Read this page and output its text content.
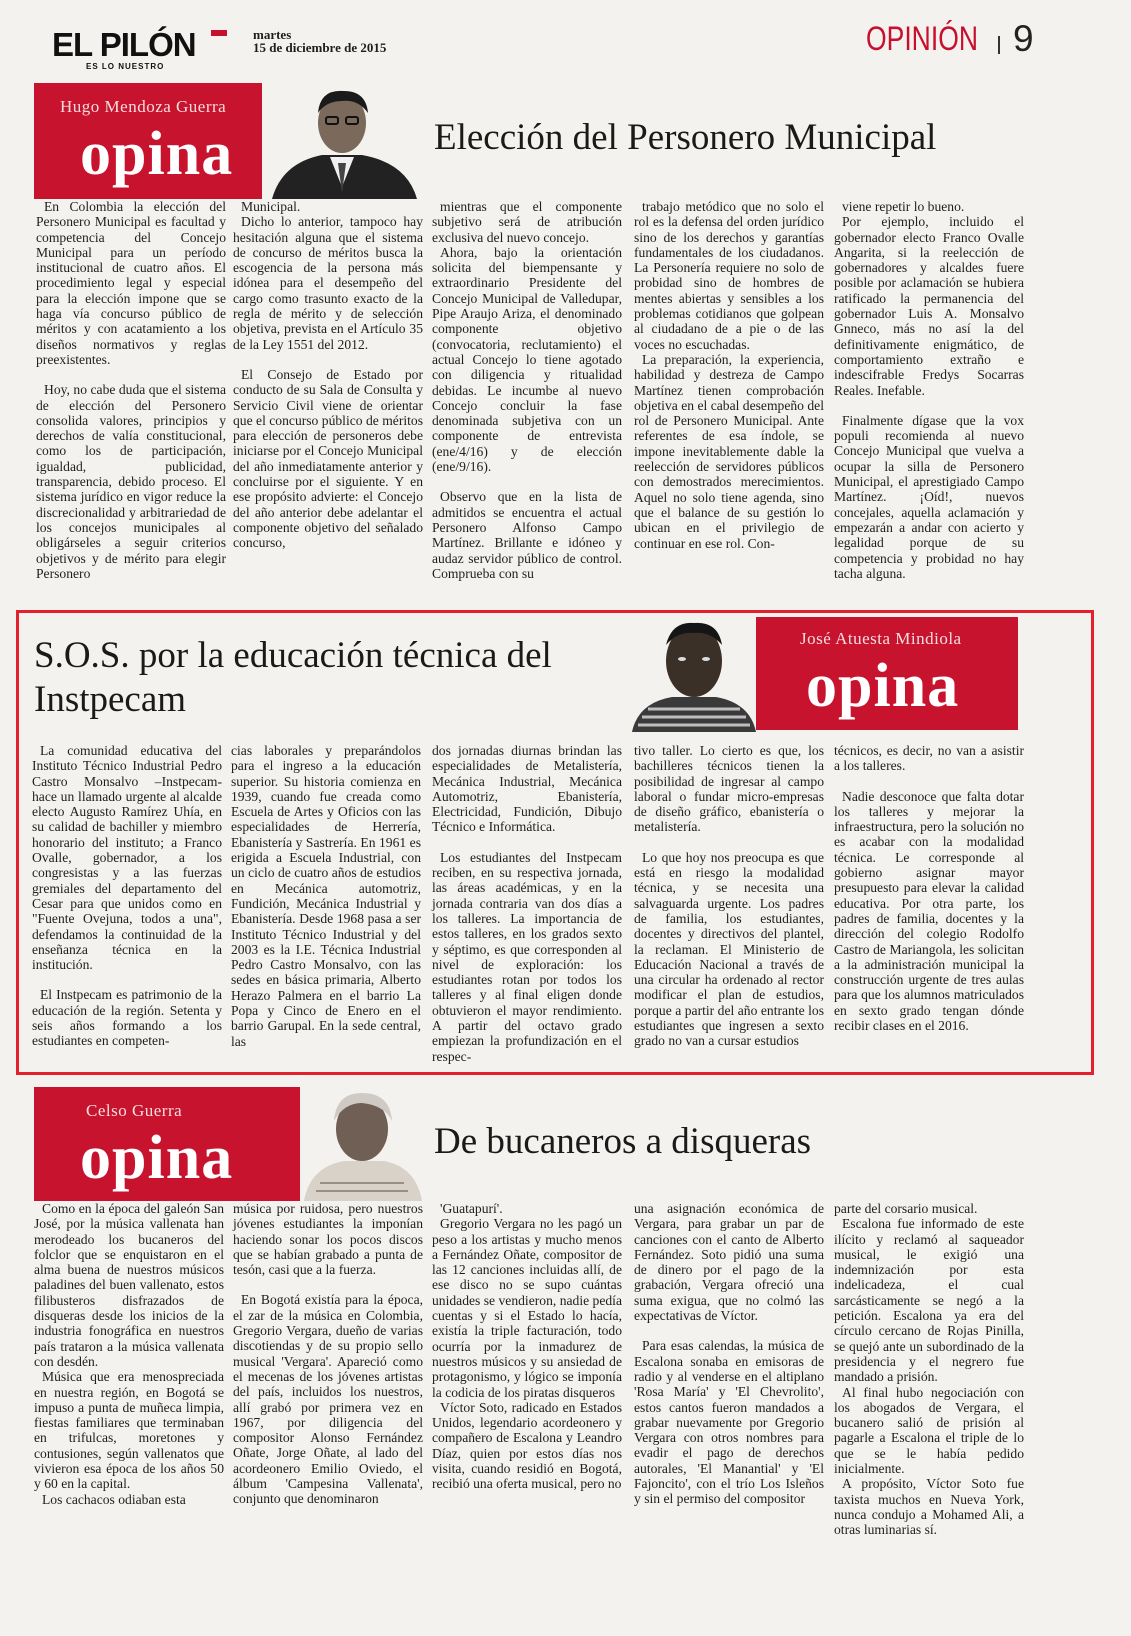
EL PILÓN
ES LO NUESTRO
martes
15 de diciembre de 2015	OPINIÓN 9
Hugo Mendoza Guerra
opina	Elección del Personero Municipal

En Colombia la elección del Personero Municipal es facultad y competencia del Concejo Municipal para un período institucional de cuatro años. El procedimiento legal y especial para la elección impone que se haga vía concurso público de méritos y con acatamiento a los diseños normativos y reglas preexistentes.

Hoy, no cabe duda que el sistema de elección del Personero consolida valores, principios y derechos de valía constitucional, como los de participación, igualdad, publicidad, transparencia, debido proceso. El sistema jurídico en vigor reduce la discrecionalidad y arbitrariedad de los concejos municipales al obligárseles a seguir criterios objetivos y de mérito para elegir Personero

Municipal.

Dicho lo anterior, tampoco hay hesitación alguna que el sistema de concurso de méritos busca la escogencia de la persona más idónea para el desempeño del cargo como trasunto exacto de la regla de mérito y de selección objetiva, prevista en el Artículo 35 de la Ley 1551 del 2012.

El Consejo de Estado por conducto de su Sala de Consulta y Servicio Civil viene de orientar que el concurso público de méritos para elección de personeros debe iniciarse por el Concejo Municipal del año inmediatamente anterior y concluirse por el siguiente. Y en ese propósito advierte: el Concejo del año anterior debe adelantar el componente objetivo del señalado concurso,

mientras que el componente subjetivo será de atribución exclusiva del nuevo concejo.

Ahora, bajo la orientación solicita del biempensante y extraordinario Presidente del Concejo Municipal de Valledupar, Pipe Araujo Ariza, el denominado componente objetivo (convocatoria, reclutamiento) el actual Concejo lo tiene agotado con diligencia y ritualidad debidas. Le incumbe al nuevo Concejo concluir la fase denominada subjetiva con un componente de entrevista (ene/4/16) y de elección (ene/9/16).

Observo que en la lista de admitidos se encuentra el actual Personero Alfonso Campo Martínez. Brillante e idóneo y audaz servidor público de control. Comprueba con su

trabajo metódico que no solo el rol es la defensa del orden jurídico sino de los derechos y garantías fundamentales de los ciudadanos. La Personería requiere no solo de probidad sino de hombres de mentes abiertas y sensibles a los problemas cotidianos que golpean al ciudadano de a pie o de las voces no escuchadas.

La preparación, la experiencia, habilidad y destreza de Campo Martínez tienen comprobación objetiva en el cabal desempeño del rol de Personero Municipal. Ante referentes de esa índole, se impone inevitablemente dable la reelección de servidores públicos con demostrados merecimientos. Aquel no solo tiene agenda, sino que el balance de su gestión lo ubican en el privilegio de continuar en ese rol. Con-

viene repetir lo bueno.

Por ejemplo, incluido el gobernador electo Franco Ovalle Angarita, si la reelección de gobernadores y alcaldes fuere posible por aclamación se hubiera ratificado la permanencia del gobernador Luis A. Monsalvo Gnneco, más no así la del definitivamente enigmático, de comportamiento extraño e indescifrable Fredys Socarras Reales. Inefable.

Finalmente dígase que la vox populi recomienda al nuevo Concejo Municipal que vuelva a ocupar la silla de Personero Municipal, el aprestigiado Campo Martínez. ¡Oíd!, nuevos concejales, aquella aclamación y empezarán a andar con acierto y legalidad porque de su competencia y probidad no hay tacha alguna.

S.O.S. por la educación técnica del
Instpecam
José Atuesta Mindiola
opina

La comunidad educativa del Instituto Técnico Industrial Pedro Castro Monsalvo –Instpecam- hace un llamado urgente al alcalde electo Augusto Ramírez Uhía, en su calidad de bachiller y miembro honorario del instituto; a Franco Ovalle, gobernador, a los congresistas y a las fuerzas gremiales del departamento del Cesar para que unidos como en "Fuente Ovejuna, todos a una", defendamos la continuidad de la enseñanza técnica en la institución.

El Instpecam es patrimonio de la educación de la región. Setenta y seis años formando a los estudiantes en competen-

cias laborales y preparándolos para el ingreso a la educación superior. Su historia comienza en 1939, cuando fue creada como Escuela de Artes y Oficios con las especialidades de Herrería, Ebanistería y Sastrería. En 1961 es erigida a Escuela Industrial, con un ciclo de cuatro años de estudios en Mecánica automotriz, Fundición, Mecánica Industrial y Ebanistería. Desde 1968 pasa a ser Instituto Técnico Industrial y del 2003 es la I.E. Técnica Industrial Pedro Castro Monsalvo, con las sedes en básica primaria, Alberto Herazo Palmera en el barrio La Popa y Cinco de Enero en el barrio Garupal. En la sede central, las

dos jornadas diurnas brindan las especialidades de Metalistería, Mecánica Industrial, Mecánica Automotriz, Ebanistería, Electricidad, Fundición, Dibujo Técnico e Informática.

Los estudiantes del Instpecam reciben, en su respectiva jornada, las áreas académicas, y en la jornada contraria van dos días a los talleres. La importancia de estos talleres, en los grados sexto y séptimo, es que corresponden al nivel de exploración: los estudiantes rotan por todos los talleres y al final eligen donde obtuvieron el mayor rendimiento. A partir del octavo grado empiezan la profundización en el respec-

tivo taller. Lo cierto es que, los bachilleres técnicos tienen la posibilidad de ingresar al campo laboral o fundar micro-empresas de diseño gráfico, ebanistería o metalistería.

Lo que hoy nos preocupa es que está en riesgo la modalidad técnica, y se necesita una salvaguarda urgente. Los padres de familia, los estudiantes, docentes y directivos del plantel, la reclaman. El Ministerio de Educación Nacional a través de una circular ha ordenado al rector modificar el plan de estudios, porque a partir del año entrante los estudiantes que ingresen a sexto grado no van a cursar estudios

técnicos, es decir, no van a asistir a los talleres.

Nadie desconoce que falta dotar los talleres y mejorar la infraestructura, pero la solución no es acabar con la modalidad técnica. Le corresponde al gobierno asignar mayor presupuesto para elevar la calidad educativa. Por otra parte, los padres de familia, docentes y la dirección del colegio Rodolfo Castro de Mariangola, les solicitan a la administración municipal la construcción urgente de tres aulas para que los alumnos matriculados en sexto grado tengan dónde recibir clases en el 2016.

Celso Guerra
opina	De bucaneros a disqueras

Como en la época del galeón San José, por la música vallenata han merodeado los bucaneros del folclor que se enquistaron en el alma buena de nuestros músicos paladines del buen vallenato, estos filibusteros disfrazados de disqueras desde los inicios de la industria fonográfica en nuestros país trataron a la música vallenata con desdén.

Música que era menospreciada en nuestra región, en Bogotá se impuso a punta de muñeca limpia, fiestas familiares que terminaban en trifulcas, moretones y contusiones, según vallenatos que vivieron esa época de los años 50 y 60 en la capital.

Los cachacos odiaban esta

música por ruidosa, pero nuestros jóvenes estudiantes la imponían haciendo sonar los pocos discos que se habían grabado a punta de tesón, casi que a la fuerza.

En Bogotá existía para la época, el zar de la música en Colombia, Gregorio Vergara, dueño de varias discotiendas y de su propio sello musical 'Vergara'. Apareció como el mecenas de los jóvenes artistas del país, incluidos los nuestros, allí grabó por primera vez en 1967, por diligencia del compositor Alonso Fernández Oñate, Jorge Oñate, al lado del acordeonero Emilio Oviedo, el álbum 'Campesina Vallenata', conjunto que denominaron

'Guatapurí'.

Gregorio Vergara no les pagó un peso a los artistas y mucho menos a Fernández Oñate, compositor de las 12 canciones incluidas allí, de ese disco no se supo cuántas unidades se vendieron, nadie pedía cuentas y si el Estado lo hacía, existía la triple facturación, todo ocurría por la inmadurez de nuestros músicos y su ansiedad de protagonismo, y lógico se imponía la codicia de los piratas disqueros

Víctor Soto, radicado en Estados Unidos, legendario acordeonero y compañero de Escalona y Leandro Díaz, quien por estos días nos visita, cuando residió en Bogotá, recibió una oferta musical, pero no

una asignación económica de Vergara, para grabar un par de canciones con el canto de Alberto Fernández. Soto pidió una suma de dinero por el pago de la grabación, Vergara ofreció una suma exigua, que no colmó las expectativas de Víctor.

Para esas calendas, la música de Escalona sonaba en emisoras de radio y al venderse en el altiplano 'Rosa María' y 'El Chevrolito', estos cantos fueron mandados a grabar nuevamente por Gregorio Vergara con otros nombres para evadir el pago de derechos autorales, 'El Manantial' y 'El Fajoncito', con el trío Los Isleños y sin el permiso del compositor

parte del corsario musical.

Escalona fue informado de este ilícito y reclamó al saqueador musical, le exigió una indemnización por esta indelicadeza, el cual sarcásticamente se negó a la petición. Escalona ya era del círculo cercano de Rojas Pinilla, se quejó ante un subordinado de la presidencia y el negrero fue mandado a prisión.

Al final hubo negociación con los abogados de Vergara, el bucanero salió de prisión al pagarle a Escalona el triple de lo que se le había pedido inicialmente.

A propósito, Víctor Soto fue taxista muchos en Nueva York, nunca condujo a Mohamed Ali, a otras luminarias sí.
